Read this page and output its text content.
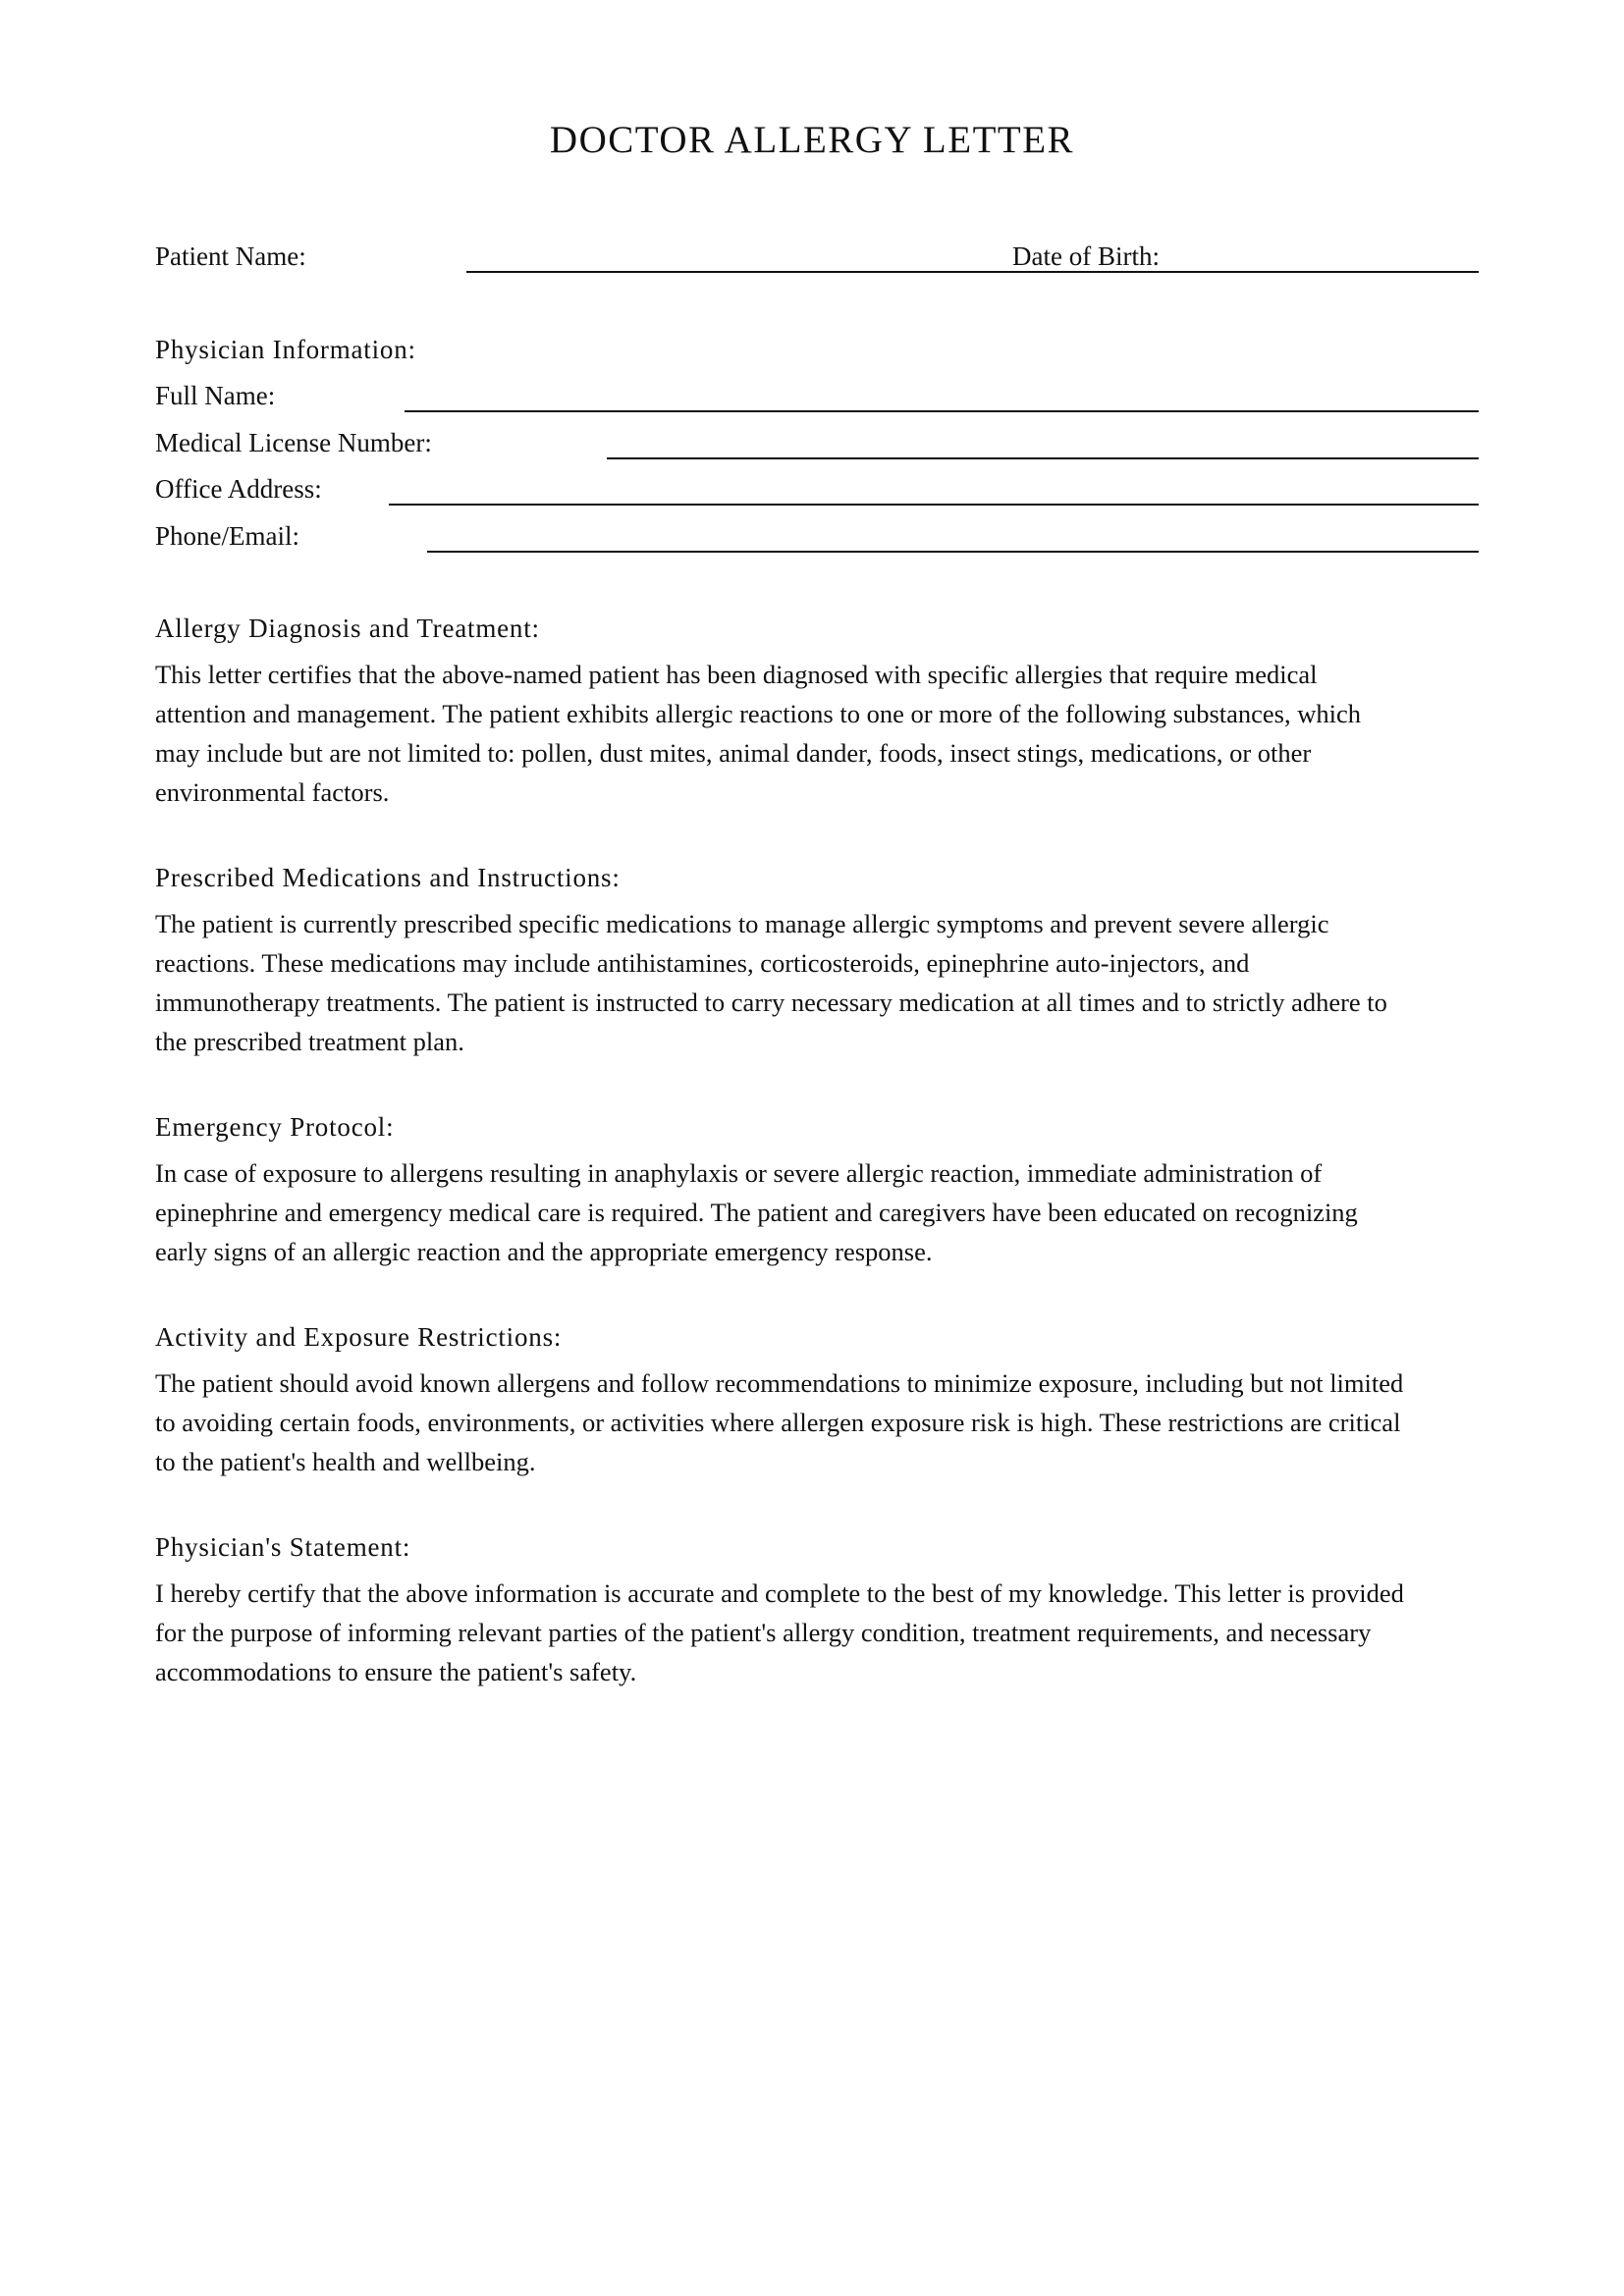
DOCTOR ALLERGY LETTER
Patient Name:	Date of Birth:
Physician Information:
Full Name:
Medical License Number:
Office Address:
Phone/Email:
Allergy Diagnosis and Treatment:
This letter certifies that the above-named patient has been diagnosed with specific allergies that require medical
attention and management. The patient exhibits allergic reactions to one or more of the following substances, which
may include but are not limited to: pollen, dust mites, animal dander, foods, insect stings, medications, or other
environmental factors.
Prescribed Medications and Instructions:
The patient is currently prescribed specific medications to manage allergic symptoms and prevent severe allergic
reactions. These medications may include antihistamines, corticosteroids, epinephrine auto-injectors, and
immunotherapy treatments. The patient is instructed to carry necessary medication at all times and to strictly adhere to
the prescribed treatment plan.
Emergency Protocol:
In case of exposure to allergens resulting in anaphylaxis or severe allergic reaction, immediate administration of
epinephrine and emergency medical care is required. The patient and caregivers have been educated on recognizing
early signs of an allergic reaction and the appropriate emergency response.
Activity and Exposure Restrictions:
The patient should avoid known allergens and follow recommendations to minimize exposure, including but not limited
to avoiding certain foods, environments, or activities where allergen exposure risk is high. These restrictions are critical
to the patient's health and wellbeing.
Physician's Statement:
I hereby certify that the above information is accurate and complete to the best of my knowledge. This letter is provided
for the purpose of informing relevant parties of the patient's allergy condition, treatment requirements, and necessary
accommodations to ensure the patient's safety.
